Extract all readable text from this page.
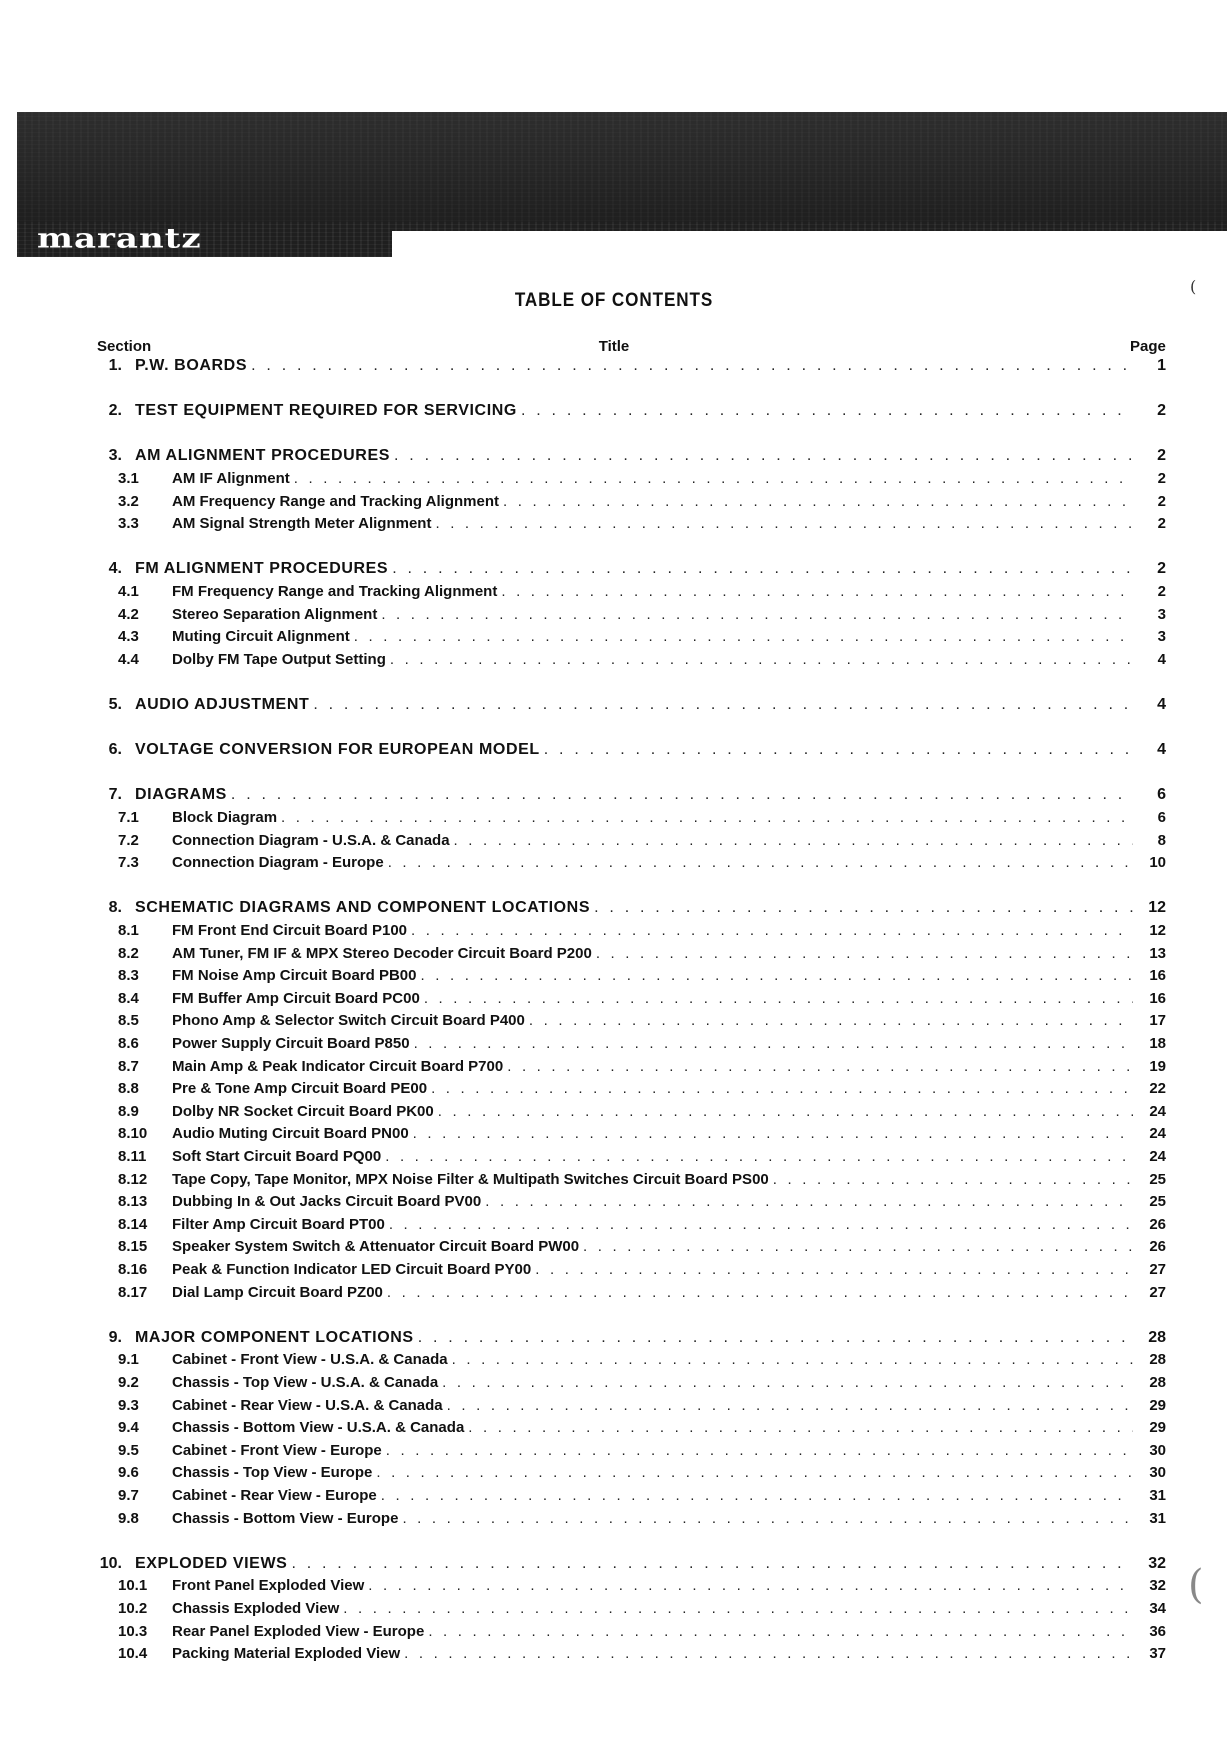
marantz
TABLE OF CONTENTS
Section	Title	Page
1. P.W. BOARDS . . .	1
2. TEST EQUIPMENT REQUIRED FOR SERVICING . . .	2
3. AM ALIGNMENT PROCEDURES . . .	2
3.1	AM IF Alignment . . .	2
3.2	AM Frequency Range and Tracking Alignment . . .	2
3.3	AM Signal Strength Meter Alignment . . .	2
4. FM ALIGNMENT PROCEDURES . . .	2
4.1	FM Frequency Range and Tracking Alignment . . .	2
4.2	Stereo Separation Alignment . . .	3
4.3	Muting Circuit Alignment . . .	3
4.4	Dolby FM Tape Output Setting . . .	4
5. AUDIO ADJUSTMENT . . .	4
6. VOLTAGE CONVERSION FOR EUROPEAN MODEL . . .	4
7. DIAGRAMS . . .	6
7.1	Block Diagram . . .	6
7.2	Connection Diagram - U.S.A. & Canada . . .	8
7.3	Connection Diagram - Europe . . .	10
8. SCHEMATIC DIAGRAMS AND COMPONENT LOCATIONS . . .	12
8.1	FM Front End Circuit Board P100 . . .	12
8.2	AM Tuner, FM IF & MPX Stereo Decoder Circuit Board P200 . . .	13
8.3	FM Noise Amp Circuit Board PB00 . . .	16
8.4	FM Buffer Amp Circuit Board PC00 . . .	16
8.5	Phono Amp & Selector Switch Circuit Board P400 . . .	17
8.6	Power Supply Circuit Board P850 . . .	18
8.7	Main Amp & Peak Indicator Circuit Board P700 . . .	19
8.8	Pre & Tone Amp Circuit Board PE00 . . .	22
8.9	Dolby NR Socket Circuit Board PK00 . . .	24
8.10	Audio Muting Circuit Board PN00 . . .	24
8.11	Soft Start Circuit Board PQ00 . . .	24
8.12	Tape Copy, Tape Monitor, MPX Noise Filter & Multipath Switches Circuit Board PS00 . . .	25
8.13	Dubbing In & Out Jacks Circuit Board PV00 . . .	25
8.14	Filter Amp Circuit Board PT00 . . .	26
8.15	Speaker System Switch & Attenuator Circuit Board PW00 . . .	26
8.16	Peak & Function Indicator LED Circuit Board PY00 . . .	27
8.17	Dial Lamp Circuit Board PZ00 . . .	27
9. MAJOR COMPONENT LOCATIONS . . .	28
9.1	Cabinet - Front View - U.S.A. & Canada . . .	28
9.2	Chassis - Top View - U.S.A. & Canada . . .	28
9.3	Cabinet - Rear View - U.S.A. & Canada . . .	29
9.4	Chassis - Bottom View - U.S.A. & Canada . . .	29
9.5	Cabinet - Front View - Europe . . .	30
9.6	Chassis - Top View - Europe . . .	30
9.7	Cabinet - Rear View - Europe . . .	31
9.8	Chassis - Bottom View - Europe . . .	31
10. EXPLODED VIEWS . . .	32
10.1	Front Panel Exploded View . . .	32
10.2	Chassis Exploded View . . .	34
10.3	Rear Panel Exploded View - Europe . . .	36
10.4	Packing Material Exploded View . . .	37
(
(
